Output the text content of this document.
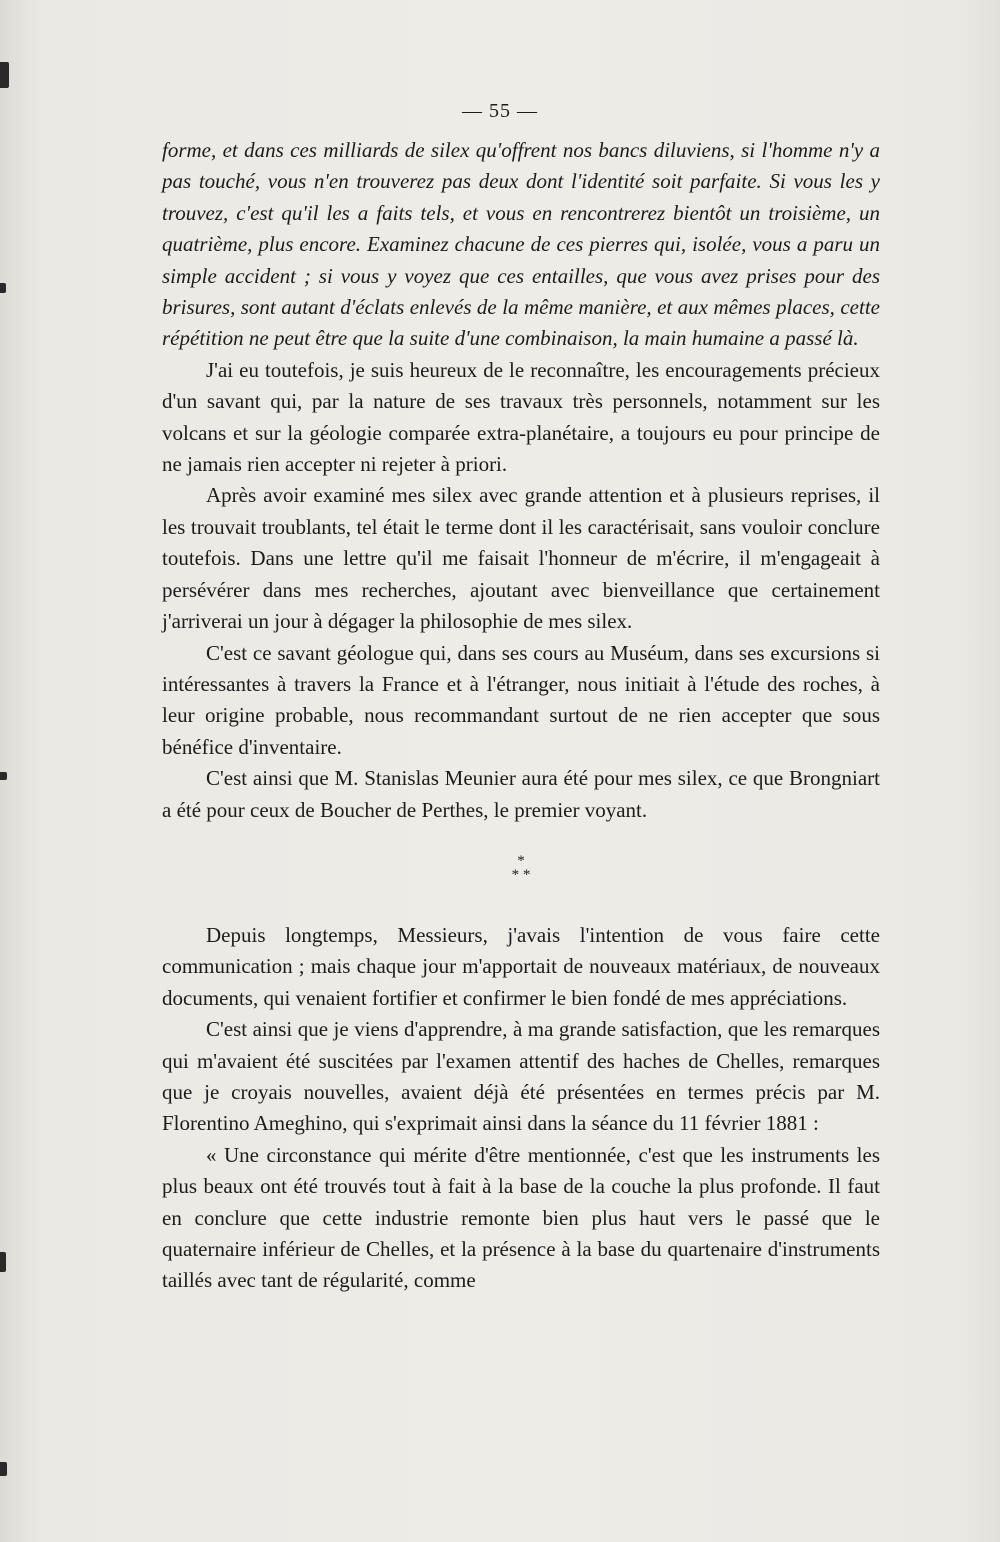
— 55 —

forme, et dans ces milliards de silex qu'offrent nos bancs diluviens, si l'homme n'y a pas touché, vous n'en trouverez pas deux dont l'identité soit parfaite. Si vous les y trouvez, c'est qu'il les a faits tels, et vous en rencontrerez bientôt un troisième, un quatrième, plus encore. Examinez chacune de ces pierres qui, isolée, vous a paru un simple accident ; si vous y voyez que ces entailles, que vous avez prises pour des brisures, sont autant d'éclats enlevés de la même manière, et aux mêmes places, cette répétition ne peut être que la suite d'une combinaison, la main humaine a passé là.

J'ai eu toutefois, je suis heureux de le reconnaître, les encouragements précieux d'un savant qui, par la nature de ses travaux très personnels, notamment sur les volcans et sur la géologie comparée extra-planétaire, a toujours eu pour principe de ne jamais rien accepter ni rejeter à priori.

Après avoir examiné mes silex avec grande attention et à plusieurs reprises, il les trouvait troublants, tel était le terme dont il les caractérisait, sans vouloir conclure toutefois. Dans une lettre qu'il me faisait l'honneur de m'écrire, il m'engageait à persévérer dans mes recherches, ajoutant avec bienveillance que certainement j'arriverai un jour à dégager la philosophie de mes silex.

C'est ce savant géologue qui, dans ses cours au Muséum, dans ses excursions si intéressantes à travers la France et à l'étranger, nous initiait à l'étude des roches, à leur origine probable, nous recommandant surtout de ne rien accepter que sous bénéfice d'inventaire.

C'est ainsi que M. Stanislas Meunier aura été pour mes silex, ce que Brongniart a été pour ceux de Boucher de Perthes, le premier voyant.

*
* *

Depuis longtemps, Messieurs, j'avais l'intention de vous faire cette communication ; mais chaque jour m'apportait de nouveaux matériaux, de nouveaux documents, qui venaient fortifier et confirmer le bien fondé de mes appréciations.

C'est ainsi que je viens d'apprendre, à ma grande satisfaction, que les remarques qui m'avaient été suscitées par l'examen attentif des haches de Chelles, remarques que je croyais nouvelles, avaient déjà été présentées en termes précis par M. Florentino Ameghino, qui s'exprimait ainsi dans la séance du 11 février 1881 :

« Une circonstance qui mérite d'être mentionnée, c'est que les instruments les plus beaux ont été trouvés tout à fait à la base de la couche la plus profonde. Il faut en conclure que cette industrie remonte bien plus haut vers le passé que le quaternaire inférieur de Chelles, et la présence à la base du quartenaire d'instruments taillés avec tant de régularité, comme
